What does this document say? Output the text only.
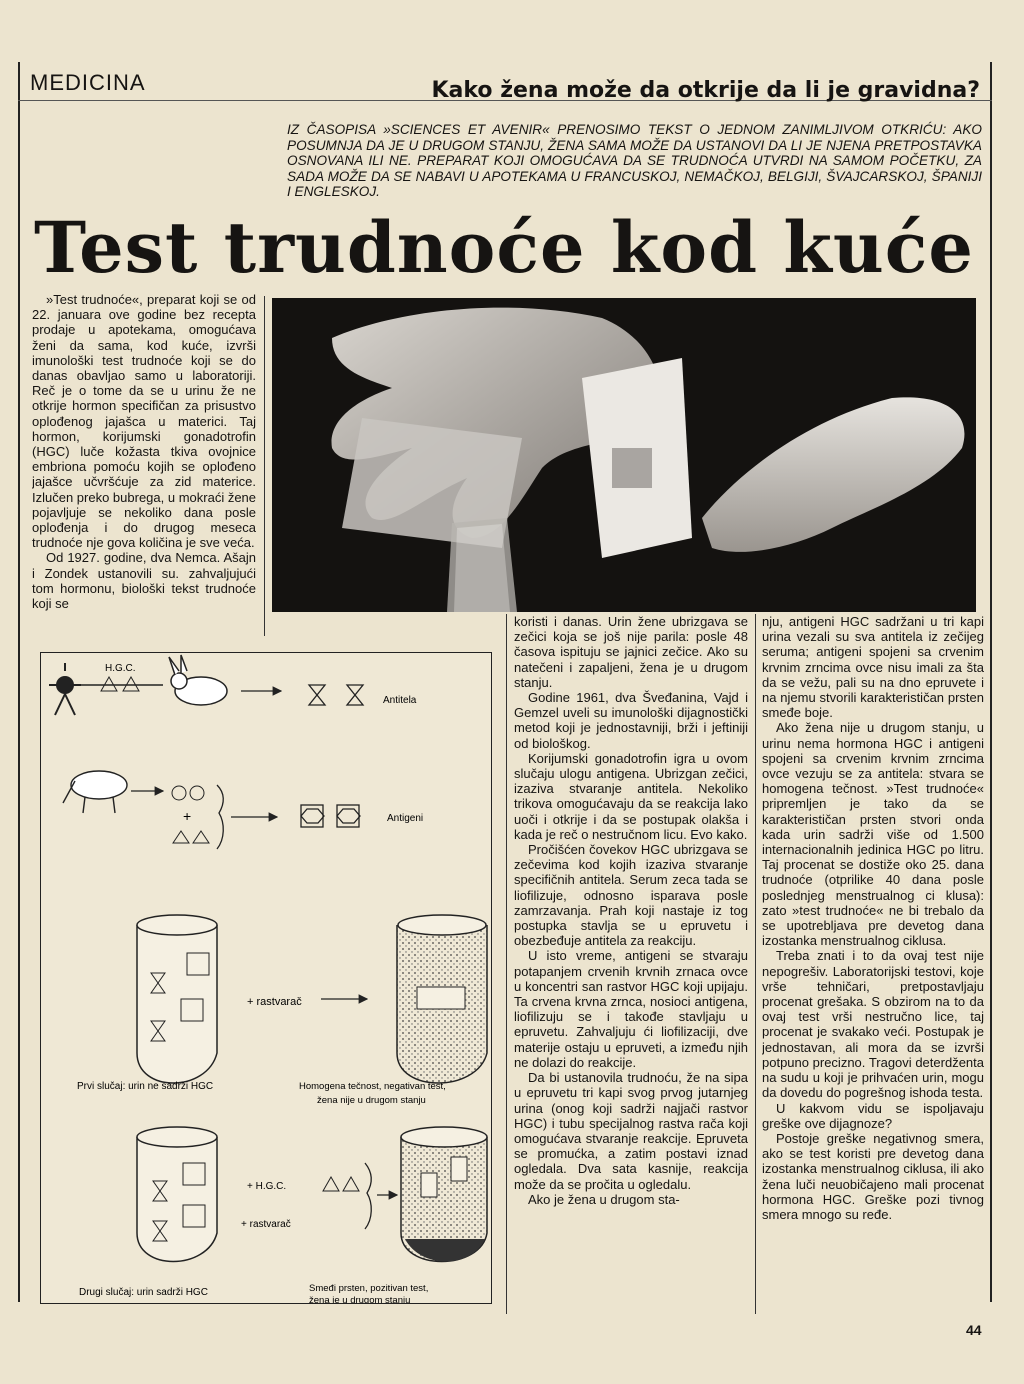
MEDICINA	Kako žena može da otkrije da li je gravidna?
IZ ČASOPISA »SCIENCES ET AVENIR« PRENOSIMO TEKST O JEDNOM ZANIMLJIVOM OTKRIĆU: AKO POSUMNJA DA JE U DRUGOM STANJU, ŽENA SAMA MOŽE DA USTANOVI DA LI JE NJENA PRETPOSTAVKA OSNOVANA ILI NE. PREPARAT KOJI OMOGUĆAVA DA SE TRUDNOĆA UTVRDI NA SAMOM POČETKU, ZA SADA MOŽE DA SE NABAVI U APOTEKAMA U FRANCUSKOJ, NEMAČKOJ, BELGIJI, ŠVAJCARSKOJ, ŠPANIJI I ENGLESKOJ.
Test trudnoće kod kuće

»Test trudnoće«, preparat koji se od 22. januara ove godine bez recepta prodaje u apotekama, omogućava ženi da sama, kod kuće, izvrši imunološki test trudnoće koji se do danas obavljao samo u laboratoriji. Reč je o tome da se u urinu že ne otkrije hormon specifičan za prisustvo oplođenog jajašca u materici. Taj hormon, korijumski gonadotrofin (HGC) luče kožasta tkiva ovojnice embriona pomoću kojih se oplođeno jajašce učvršćuje za zid materice. Izlučen preko bubrega, u mokraći žene pojavljuje se nekoliko dana posle oplođenja i do drugog meseca trudnoće nje gova količina je sve veća.

Od 1927. godine, dva Nemca. Ašajn i Zondek ustanovili su. zahvaljujući tom hormonu, biološki tekst trudnoće koji se

koristi i danas. Urin žene ubrizgava se zečici koja se još nije parila: posle 48 časova ispituju se jajnici zečice. Ako su natečeni i zapaljeni, žena je u drugom stanju.

Godine 1961, dva Šveđanina, Vajd i Gemzel uveli su imunološki dijagnostički metod koji je jednostavniji, brži i jeftiniji od biološkog.

Korijumski gonadotrofin igra u ovom slučaju ulogu antigena. Ubrizgan zečici, izaziva stvaranje antitela. Nekoliko trikova omogućavaju da se reakcija lako uoči i otkrije i da se postupak olakša i kada je reč o nestručnom licu. Evo kako.

Pročišćen čovekov HGC ubrizgava se zečevima kod kojih izaziva stvaranje specifičnih antitela. Serum zeca tada se liofilizuje, odnosno isparava posle zamrzavanja. Prah koji nastaje iz tog postupka stavlja se u epruvetu i obezbeđuje antitela za reakciju.

U isto vreme, antigeni se stvaraju potapanjem crvenih krvnih zrnaca ovce u koncentri san rastvor HGC koji upijaju. Ta crvena krvna zrnca, nosioci antigena, liofilizuju se i takođe stavljaju u epruvetu. Zahvaljuju ći liofilizaciji, dve materije ostaju u epruveti, a između njih ne dolazi do reakcije.

Da bi ustanovila trudnoću, že na sipa u epruvetu tri kapi svog prvog jutarnjeg urina (onog koji sadrži najjači rastvor HGC) i tubu specijalnog rastva rača koji omogućava stvaranje reakcije. Epruveta se promućka, a zatim postavi iznad ogledala. Dva sata kasnije, reakcija može da se pročita u ogledalu.

Ako je žena u drugom sta-

nju, antigeni HGC sadržani u tri kapi urina vezali su sva antitela iz zečijeg seruma; antigeni spojeni sa crvenim krvnim zrncima ovce nisu imali za šta da se vežu, pali su na dno epruvete i na njemu stvorili karakterističan prsten smeđe boje.

Ako žena nije u drugom stanju, u urinu nema hormona HGC i antigeni spojeni sa crvenim krvnim zrncima ovce vezuju se za antitela: stvara se homogena tečnost. »Test trudnoće« pripremljen je tako da se karakterističan prsten stvori onda kada urin sadrži više od 1.500 internacionalnih jedinica HGC po litru. Taj procenat se dostiže oko 25. dana trudnoće (otprilike 40 dana posle poslednjeg menstrualnog ci klusa): zato »test trudnoće« ne bi trebalo da se upotrebljava pre devetog dana izostanka menstrualnog ciklusa.

Treba znati i to da ovaj test nije nepogrešiv. Laboratorijski testovi, koje vrše tehničari, pretpostavljaju procenat grešaka. S obzirom na to da ovaj test vrši nestručno lice, taj procenat je svakako veći. Postupak je jednostavan, ali mora da se izvrši potpuno precizno. Tragovi deterdženta na sudu u koji je prihvaćen urin, mogu da dovedu do pogrešnog ishoda testa.

U kakvom vidu se ispoljavaju greške ove dijagnoze?

Postoje greške negativnog smera, ako se test koristi pre devetog dana izostanka menstrualnog ciklusa, ili ako žena luči neuobičajeno mali procenat hormona HGC. Greške pozi tivnog smera mnogo su ređe.

H.G.C.
Antitela
+	Antigeni
+ rastvarač
Prvi slučaj: urin ne sadrži HGC	Homogena tečnost, negativan test,
žena nije u drugom stanju
+ H.G.C.
+ rastvarač
Drugi slučaj: urin sadrži HGC	Smeđi prsten, pozitivan test,
žena je u drugom stanju
44
